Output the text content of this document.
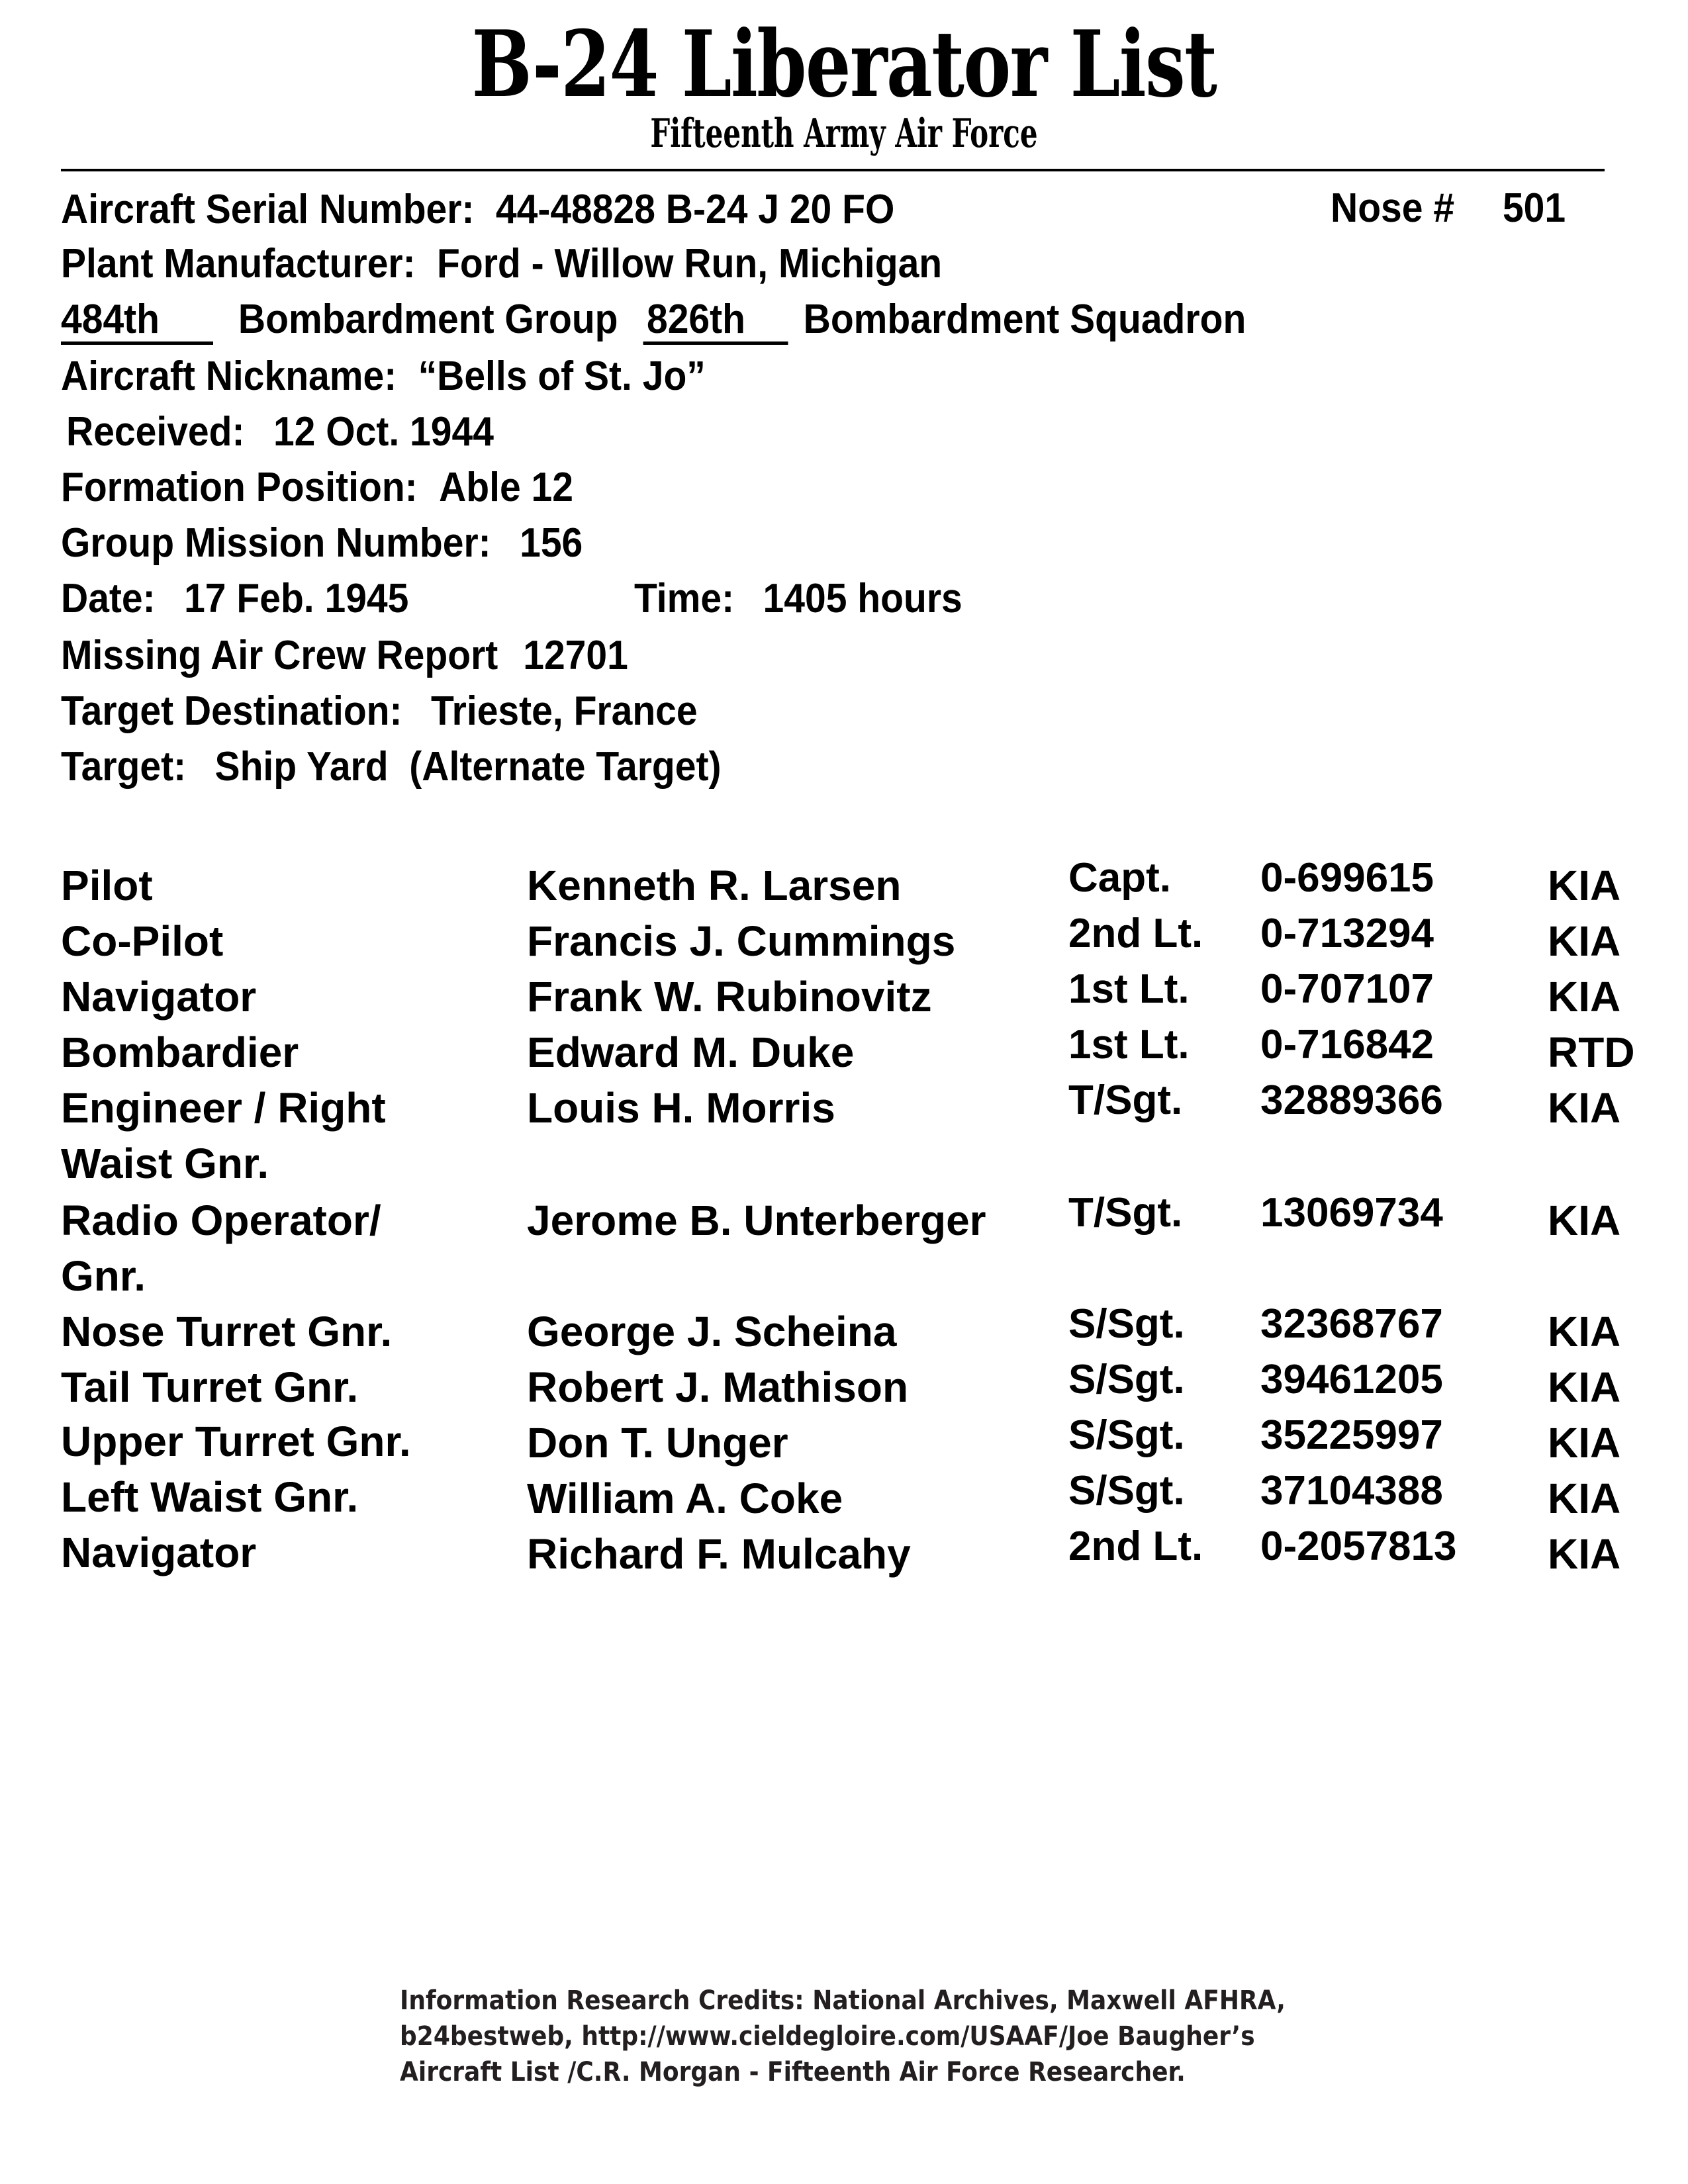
B-24 Liberator List
Fifteenth Army Air Force
Aircraft Serial Number: 44-48828 B-24 J 20 FO	Nose # 501
Plant Manufacturer: Ford - Willow Run, Michigan
484th Bombardment Group 826th Bombardment Squadron
Aircraft Nickname: “Bells of St. Jo”
Received: 12 Oct. 1944
Formation Position: Able 12
Group Mission Number: 156
Date: 17 Feb. 1945	Time: 1405 hours
Missing Air Crew Report 12701
Target Destination: Trieste, France
Target: Ship Yard  (Alternate Target)
Pilot	Kenneth R. Larsen	Capt. 0-699615	KIA
Co-Pilot	Francis J. Cummings	2nd Lt. 0-713294	KIA
Navigator	Frank W. Rubinovitz	1st Lt. 0-707107	KIA
Bombardier	Edward M. Duke	1st Lt. 0-716842	RTD
Engineer / Right
Waist Gnr.
Louis H. Morris	T/Sgt. 32889366 KIA
Radio Operator/
Gnr.
Jerome B. Unterberger T/Sgt. 13069734 KIA
Nose Turret Gnr.	George J. Scheina	S/Sgt. 32368767 KIA
Tail Turret Gnr.	Robert J. Mathison	S/Sgt. 39461205 KIA
Upper Turret Gnr.	Don T. Unger	S/Sgt. 35225997 KIA
Left Waist Gnr.	William A. Coke	S/Sgt. 37104388 KIA
Navigator	Richard F. Mulcahy	2nd Lt. 0-2057813 KIA
Information Research Credits: National Archives, Maxwell AFHRA,
b24bestweb, http://www.cieldegloire.com/USAAF/Joe Baugher’s
Aircraft List /C.R. Morgan - Fifteenth Air Force Researcher.
